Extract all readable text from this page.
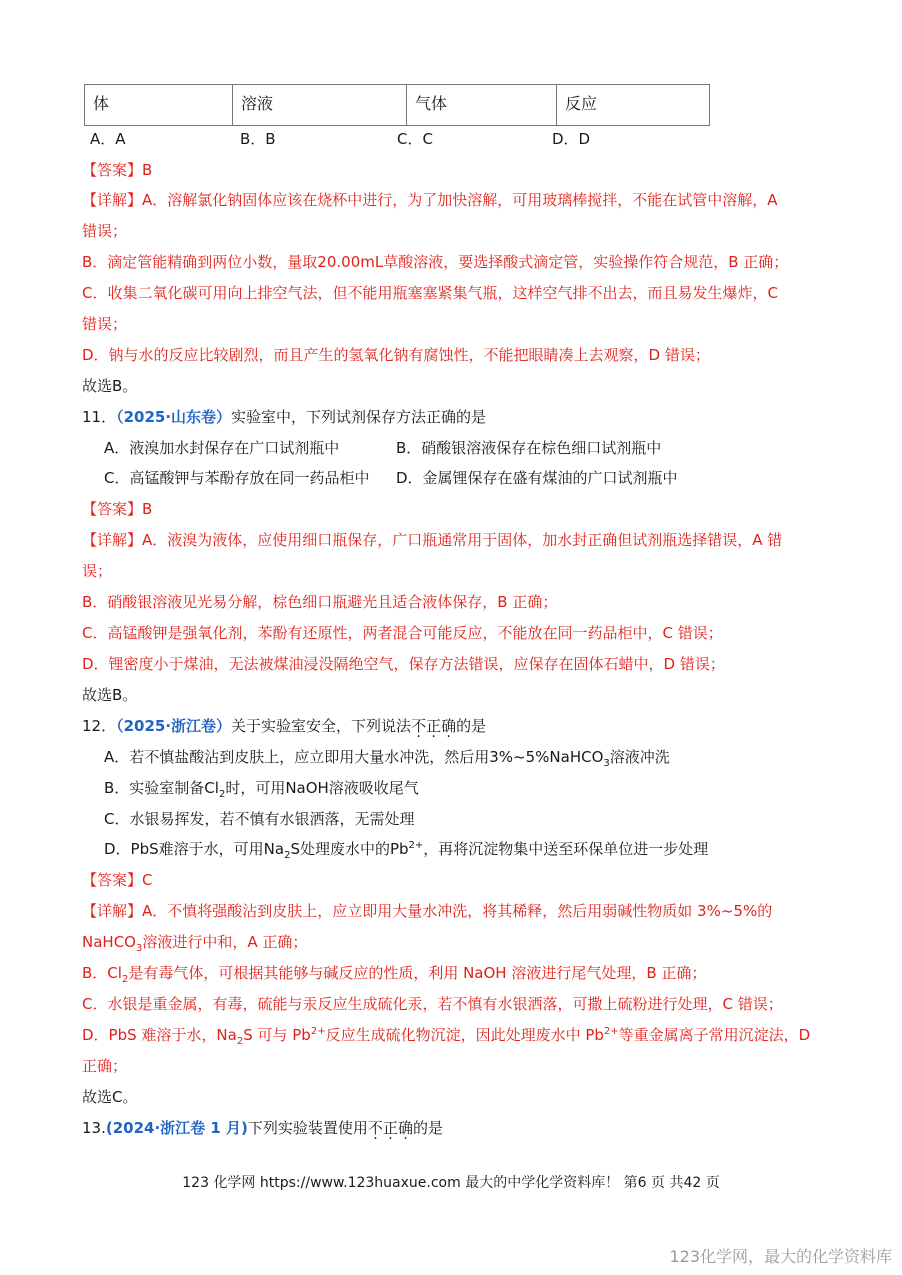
体	溶液	气体	反应
A．A	B．B	C．C	D．D
【答案】B
【详解】A．溶解氯化钠固体应该在烧杯中进行，为了加快溶解，可用玻璃棒搅拌，不能在试管中溶解，A
错误；
B．滴定管能精确到两位小数，量取20.00mL草酸溶液，要选择酸式滴定管，实验操作符合规范，B 正确；
C．收集二氧化碳可用向上排空气法，但不能用瓶塞塞紧集气瓶，这样空气排不出去，而且易发生爆炸，C
错误；
D．钠与水的反应比较剧烈，而且产生的氢氧化钠有腐蚀性，不能把眼睛凑上去观察，D 错误；
故选B。
11．（2025·山东卷）实验室中，下列试剂保存方法正确的是
A．液溴加水封保存在广口试剂瓶中	B．硝酸银溶液保存在棕色细口试剂瓶中
C．高锰酸钾与苯酚存放在同一药品柜中 D．金属锂保存在盛有煤油的广口试剂瓶中
【答案】B
【详解】A．液溴为液体，应使用细口瓶保存，广口瓶通常用于固体，加水封正确但试剂瓶选择错误，A 错
误；
B．硝酸银溶液见光易分解，棕色细口瓶避光且适合液体保存，B 正确；
C．高锰酸钾是强氧化剂，苯酚有还原性，两者混合可能反应，不能放在同一药品柜中，C 错误；
D．锂密度小于煤油，无法被煤油浸没隔绝空气，保存方法错误，应保存在固体石蜡中，D 错误；
故选B。
12．（2025·浙江卷）关于实验室安全，下列说法不正确的是
A．若不慎盐酸沾到皮肤上，应立即用大量水冲洗，然后用3%~5%NaHCO$_3$溶液冲洗
B．实验室制备$Cl_2$时，可用NaOH溶液吸收尾气
C．水银易挥发，若不慎有水银洒落，无需处理
D．PbS难溶于水，可用$Na_2S$处理废水中的$Pb^{2+}$，再将沉淀物集中送至环保单位进一步处理
【答案】C
【详解】A．不慎将强酸沾到皮肤上，应立即用大量水冲洗，将其稀释，然后用弱碱性物质如 3%~5%的
NaHCO$_3$溶液进行中和，A 正确；
B．$Cl_2$是有毒气体，可根据其能够与碱反应的性质，利用 NaOH 溶液进行尾气处理，B 正确；
C．水银是重金属，有毒，硫能与汞反应生成硫化汞，若不慎有水银洒落，可撒上硫粉进行处理，C 错误；
D．PbS 难溶于水，$Na_2S$ 可与 $Pb^{2+}$反应生成硫化物沉淀，因此处理废水中 $Pb^{2+}$等重金属离子常用沉淀法，D
正确；
故选C。
13.(2024·浙江卷 1 月)下列实验装置使用不正确的是
123 化学网 https://www.123huaxue.com 最大的中学化学资料库！ 第6 页 共42 页
123化学网，最大的化学资料库
